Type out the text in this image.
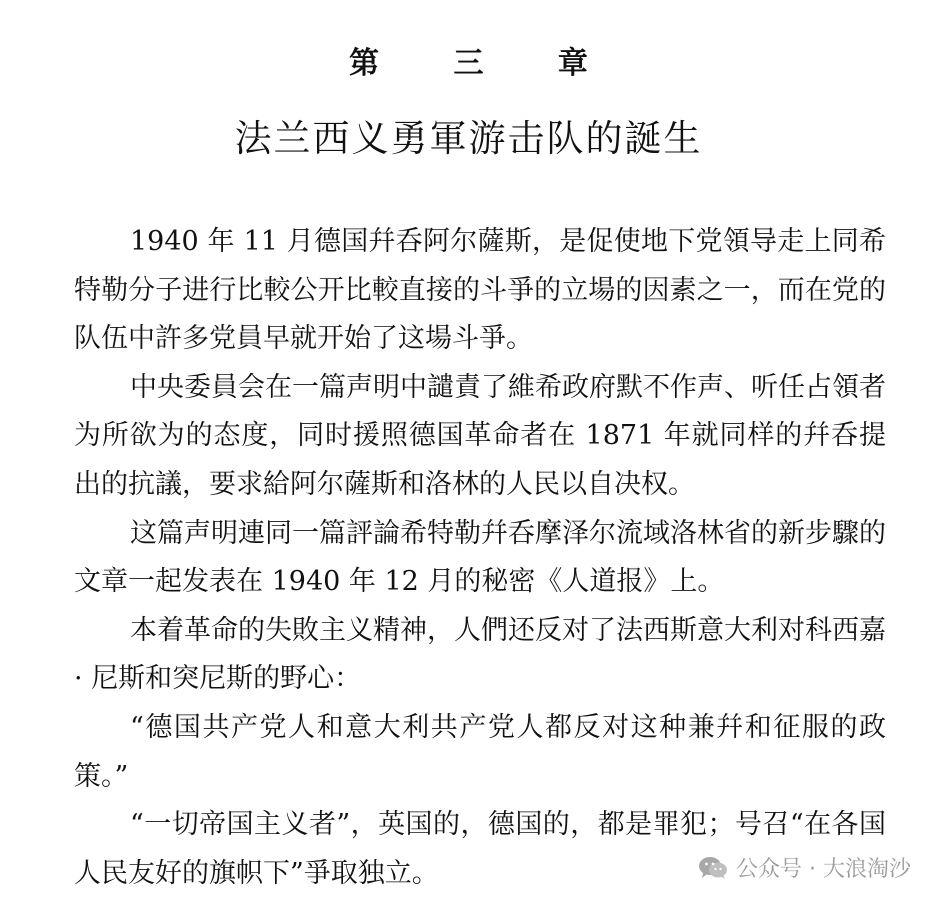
第 三 章
法兰西义勇軍游击队的誕生

1940 年 11 月德国幷呑阿尔薩斯，是促使地下党領导走上同希特勒分子进行比較公开比較直接的斗爭的立場的因素之一，而在党的队伍中許多党員早就开始了这場斗爭。

中央委員会在一篇声明中譴責了維希政府默不作声、听任占領者为所欲为的态度，同时援照德国革命者在 1871 年就同样的幷呑提出的抗議，要求給阿尔薩斯和洛林的人民以自决权。

这篇声明連同一篇評論希特勒幷呑摩泽尔流域洛林省的新步驟的文章一起发表在 1940 年 12 月的秘密《人道报》上。

本着革命的失敗主义精神，人們还反对了法西斯意大利对科西嘉 · 尼斯和突尼斯的野心：

“德国共产党人和意大利共产党人都反对这种兼幷和征服的政策。”

“一切帝国主义者”，英国的，德国的，都是罪犯；号召“在各国人民友好的旗帜下”爭取独立。	公众号 · 大浪淘沙
